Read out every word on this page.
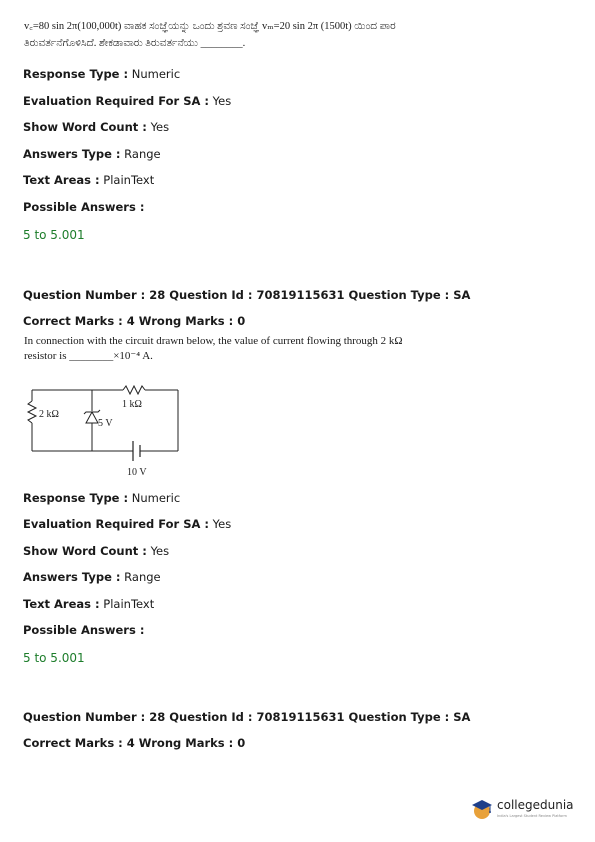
v꜀=80 sin 2π(100,000t) ವಾಹಕ ಸಂಜ್ಞೆಯನ್ನು ಒಂದು ಶ್ರವಣ ಸಂಜ್ಞೆ vₘ=20 sin 2π (1500t) ಯಿಂದ ಪಾರ
ತಿರುವರ್ತನೆಗೊಳಿಸಿದೆ. ಶೇಕಡಾವಾರು ತಿರುವರ್ತನೆಯು ________.
Response Type : Numeric
Evaluation Required For SA : Yes
Show Word Count : Yes
Answers Type : Range
Text Areas : PlainText
Possible Answers :
5 to 5.001
Question Number : 28 Question Id : 70819115631 Question Type : SA
Correct Marks : 4 Wrong Marks : 0
In connection with the circuit drawn below, the value of current flowing through 2 kΩ
resistor is ________×10⁻⁴ A.
1 kΩ
2 kΩ
5 V
10 V
Response Type : Numeric
Evaluation Required For SA : Yes
Show Word Count : Yes
Answers Type : Range
Text Areas : PlainText
Possible Answers :
5 to 5.001
Question Number : 28 Question Id : 70819115631 Question Type : SA
Correct Marks : 4 Wrong Marks : 0
collegedunia
India's Largest Student Review Platform
